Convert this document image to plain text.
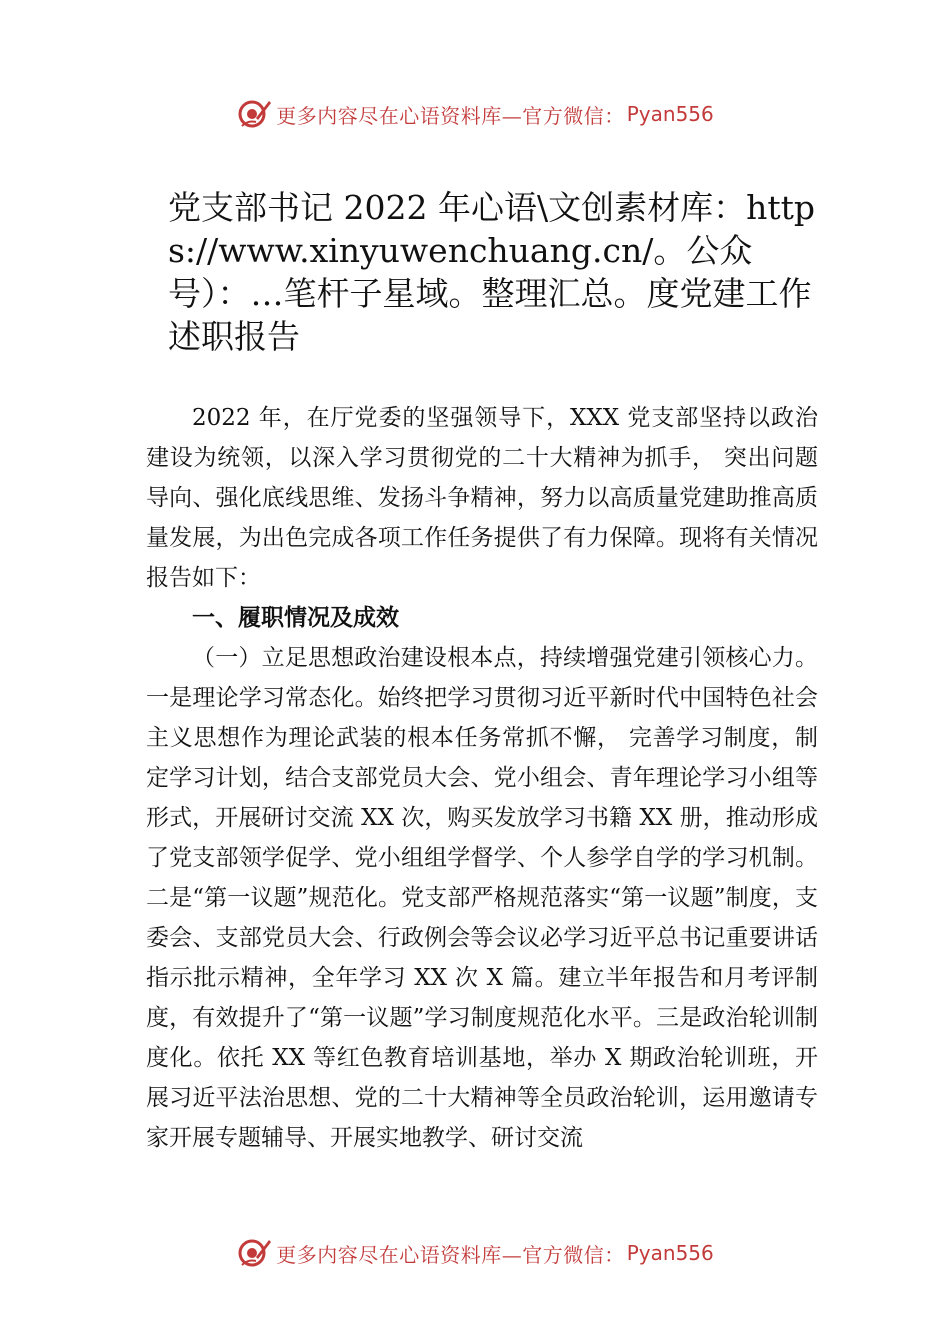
更多内容尽在心语资料库—官方微信： Pyan556
党支部书记 2022 年心语\文创素材库：https://www.xinyuwenchuang.cn/。公众号）：…笔杆子星域。整理汇总。度党建工作述职报告

2022 年，在厅党委的坚强领导下，XXX 党支部坚持以政治建设为统领，以深入学习贯彻党的二十大精神为抓手， 突出问题导向、强化底线思维、发扬斗争精神，努力以高质量党建助推高质量发展，为出色完成各项工作任务提供了有力保障。现将有关情况报告如下：

一、履职情况及成效

（一）立足思想政治建设根本点，持续增强党建引领核心力。一是理论学习常态化。始终把学习贯彻习近平新时代中国特色社会主义思想作为理论武装的根本任务常抓不懈， 完善学习制度，制定学习计划，结合支部党员大会、党小组会、青年理论学习小组等形式，开展研讨交流 XX 次，购买发放学习书籍 XX 册，推动形成了党支部领学促学、党小组组学督学、个人参学自学的学习机制。二是“第一议题”规范化。党支部严格规范落实“第一议题”制度，支委会、支部党员大会、行政例会等会议必学习近平总书记重要讲话指示批示精神，全年学习 XX 次 X 篇。建立半年报告和月考评制度，有效提升了“第一议题”学习制度规范化水平。三是政治轮训制度化。依托 XX 等红色教育培训基地，举办 X 期政治轮训班，开展习近平法治思想、党的二十大精神等全员政治轮训，运用邀请专家开展专题辅导、开展实地教学、研讨交流

更多内容尽在心语资料库—官方微信： Pyan556
